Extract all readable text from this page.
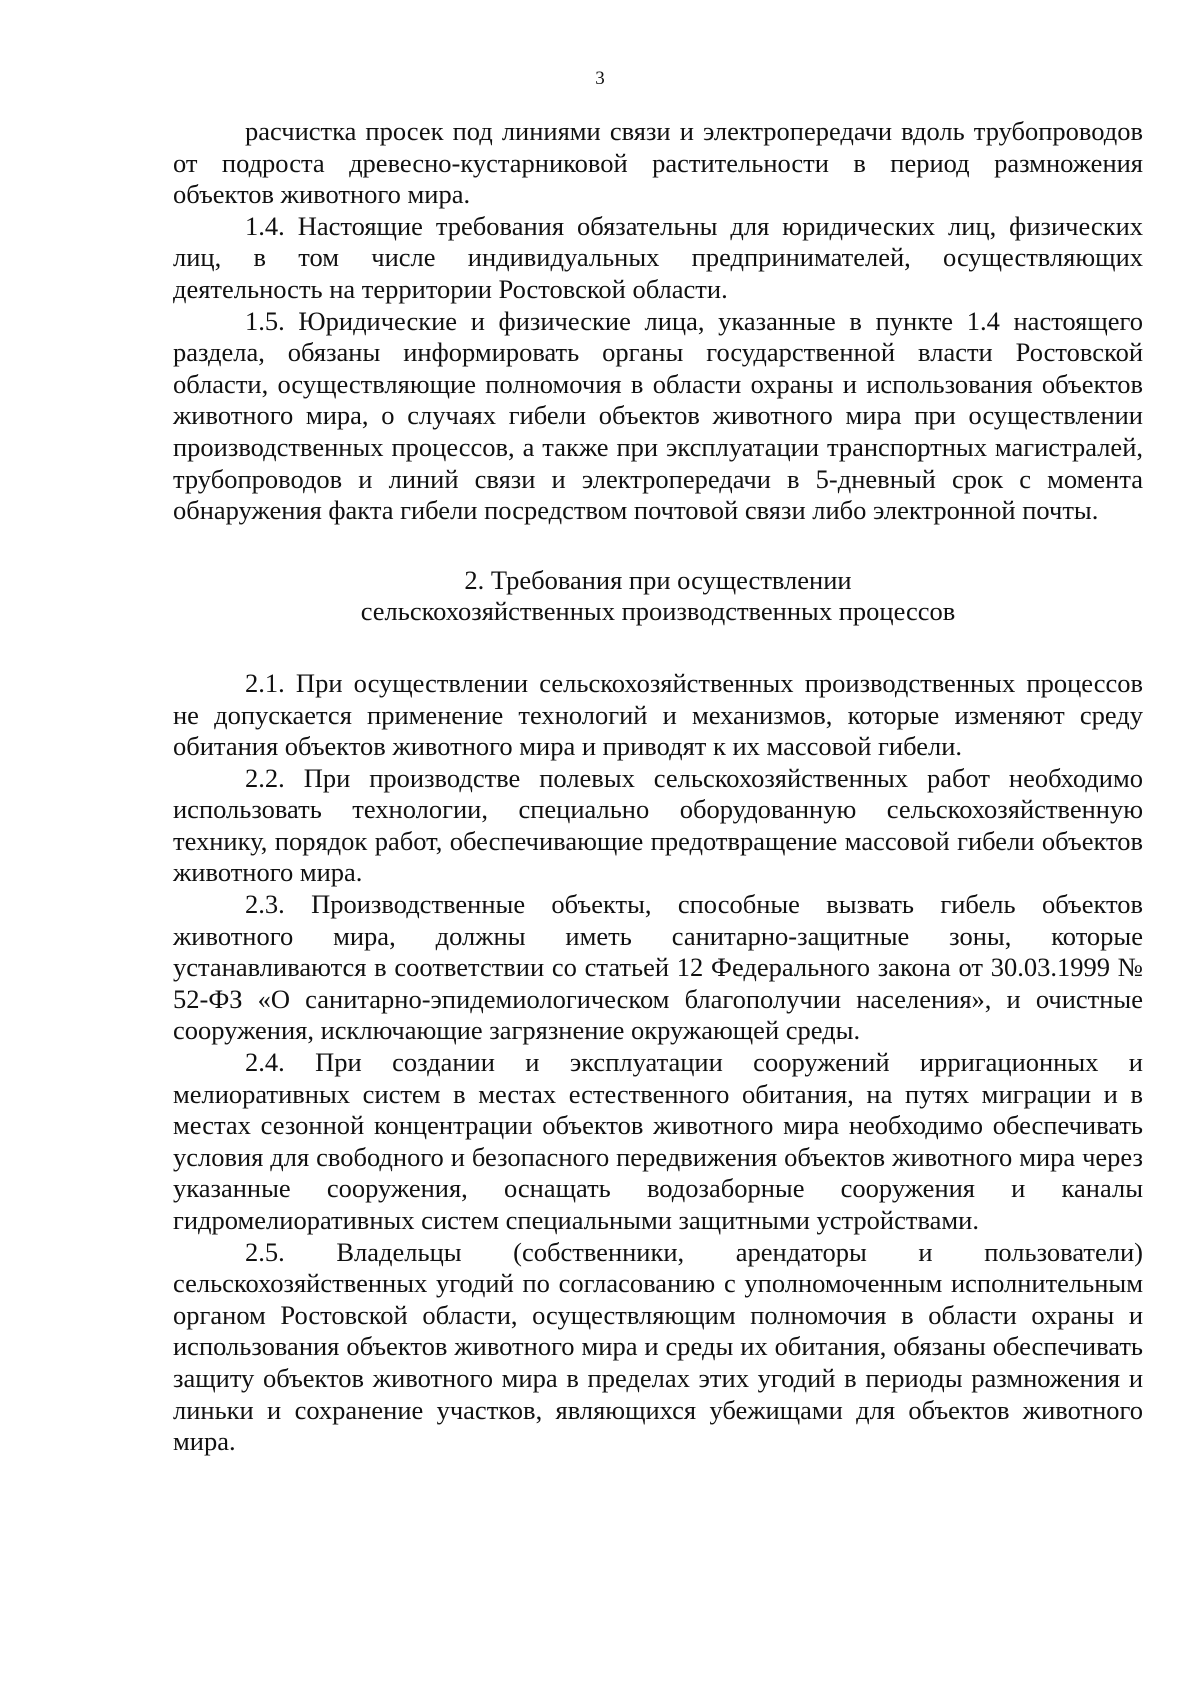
3

расчистка просек под линиями связи и электропередачи вдоль трубопроводов от подроста древесно-кустарниковой растительности в период размножения объектов животного мира.

1.4. Настоящие требования обязательны для юридических лиц, физических лиц, в том числе индивидуальных предпринимателей, осуществляющих деятельность на территории Ростовской области.

1.5. Юридические и физические лица, указанные в пункте 1.4 настоящего раздела, обязаны информировать органы государственной власти Ростовской области, осуществляющие полномочия в области охраны и использования объектов животного мира, о случаях гибели объектов животного мира при осуществлении производственных процессов, а также при эксплуатации транспортных магистралей, трубопроводов и линий связи и электропередачи в 5-дневный срок с момента обнаружения факта гибели посредством почтовой связи либо электронной почты.

2. Требования при осуществлении
сельскохозяйственных производственных процессов

2.1. При осуществлении сельскохозяйственных производственных процессов не допускается применение технологий и механизмов, которые изменяют среду обитания объектов животного мира и приводят к их массовой гибели.

2.2. При производстве полевых сельскохозяйственных работ необходимо использовать технологии, специально оборудованную сельскохозяйственную технику, порядок работ, обеспечивающие предотвращение массовой гибели объектов животного мира.

2.3. Производственные объекты, способные вызвать гибель объектов животного мира, должны иметь санитарно-защитные зоны, которые устанавливаются в соответствии со статьей 12 Федерального закона от 30.03.1999 № 52-ФЗ «О санитарно-эпидемиологическом благополучии населения», и очистные сооружения, исключающие загрязнение окружающей среды.

2.4. При создании и эксплуатации сооружений ирригационных и мелиоративных систем в местах естественного обитания, на путях миграции и в местах сезонной концентрации объектов животного мира необходимо обеспечивать условия для свободного и безопасного передвижения объектов животного мира через указанные сооружения, оснащать водозаборные сооружения и каналы гидромелиоративных систем специальными защитными устройствами.

2.5. Владельцы (собственники, арендаторы и пользователи) сельскохозяйственных угодий по согласованию с уполномоченным исполнительным органом Ростовской области, осуществляющим полномочия в области охраны и использования объектов животного мира и среды их обитания, обязаны обеспечивать защиту объектов животного мира в пределах этих угодий в периоды размножения и линьки и сохранение участков, являющихся убежищами для объектов животного мира.
